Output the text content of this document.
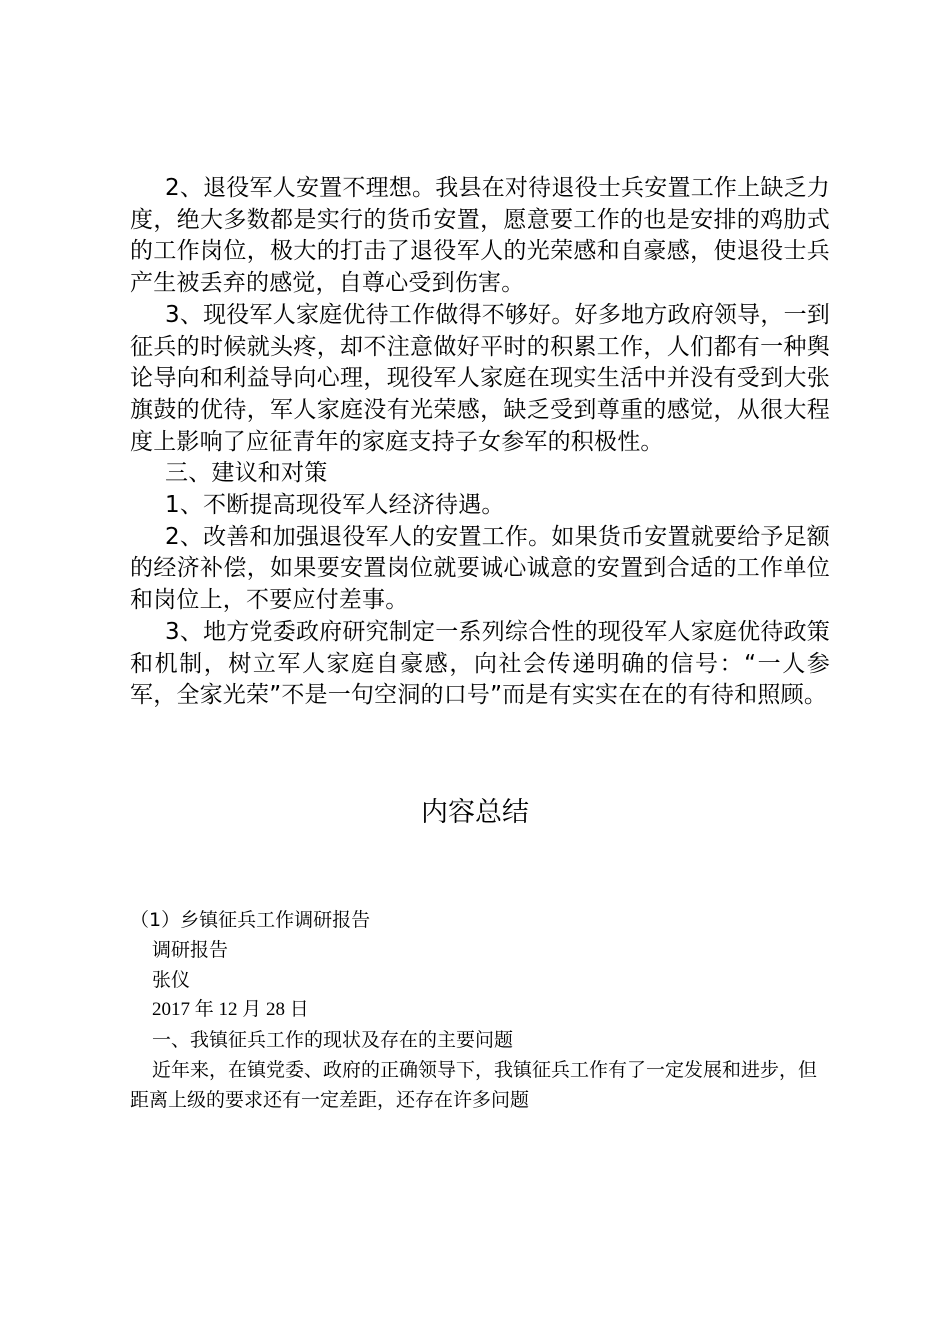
2、退役军人安置不理想。我县在对待退役士兵安置工作上缺乏力度，绝大多数都是实行的货币安置，愿意要工作的也是安排的鸡肋式的工作岗位，极大的打击了退役军人的光荣感和自豪感，使退役士兵产生被丢弃的感觉，自尊心受到伤害。

3、现役军人家庭优待工作做得不够好。好多地方政府领导，一到征兵的时候就头疼，却不注意做好平时的积累工作，人们都有一种舆论导向和利益导向心理，现役军人家庭在现实生活中并没有受到大张旗鼓的优待，军人家庭没有光荣感，缺乏受到尊重的感觉，从很大程度上影响了应征青年的家庭支持子女参军的积极性。

三、建议和对策

1、不断提高现役军人经济待遇。

2、改善和加强退役军人的安置工作。如果货币安置就要给予足额的经济补偿，如果要安置岗位就要诚心诚意的安置到合适的工作单位和岗位上，不要应付差事。

3、地方党委政府研究制定一系列综合性的现役军人家庭优待政策和机制，树立军人家庭自豪感，向社会传递明确的信号：“一人参军，全家光荣”不是一句空洞的口号”而是有实实在在的有待和照顾。

内容总结

（1）乡镇征兵工作调研报告

调研报告

张仪

2017 年 12 月 28 日

一、我镇征兵工作的现状及存在的主要问题

近年来，在镇党委、政府的正确领导下，我镇征兵工作有了一定发展和进步，但距离上级的要求还有一定差距，还存在许多问题
